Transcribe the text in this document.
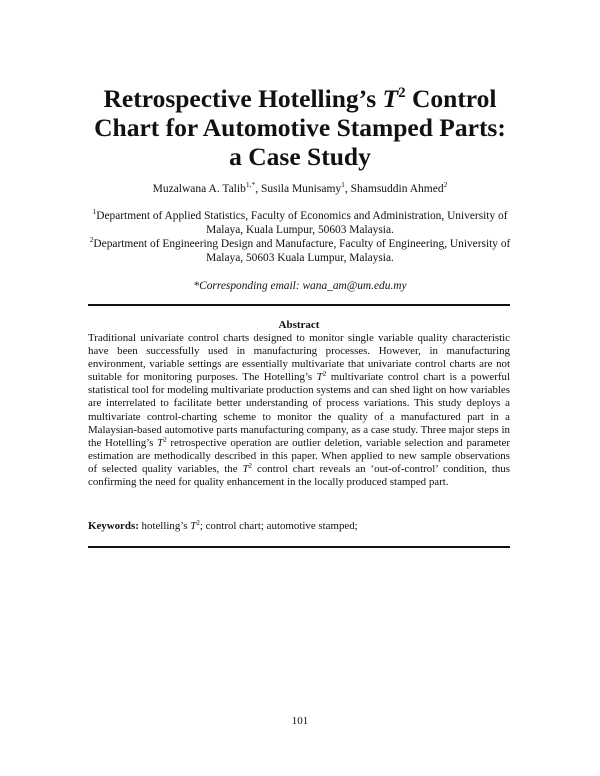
Retrospective Hotelling’s $T^2$ Control
Chart for Automotive Stamped Parts:
a Case Study
Muzalwana A. Talib$^{1,*}$, Susila Munisamy$^1$, Shamsuddin Ahmed$^2$
$^1$Department of Applied Statistics, Faculty of Economics and Administration, University of Malaya, Kuala Lumpur, 50603 Malaysia.
$^2$Department of Engineering Design and Manufacture, Faculty of Engineering, University of Malaya, 50603 Kuala Lumpur, Malaysia.
*Corresponding email: wana_am@um.edu.my
Abstract
Traditional univariate control charts designed to monitor single variable quality characteristic have been successfully used in manufacturing processes. However, in manufacturing environment, variable settings are essentially multivariate that univariate control charts are not suitable for monitoring purposes. The Hotelling’s $T^2$ multivariate control chart is a powerful statistical tool for modeling multivariate production systems and can shed light on how variables are interrelated to facilitate better understanding of process variations. This study deploys a multivariate control-charting scheme to monitor the quality of a manufactured part in a Malaysian-based automotive parts manufacturing company, as a case study. Three major steps in the Hotelling’s $T^2$ retrospective operation are outlier deletion, variable selection and parameter estimation are methodically described in this paper. When applied to new sample observations of selected quality variables, the $T^2$ control chart reveals an ‘out-of-control’ condition, thus confirming the need for quality enhancement in the locally produced stamped part.
Keywords: hotelling’s $T^2$; control chart; automotive stamped;
101
